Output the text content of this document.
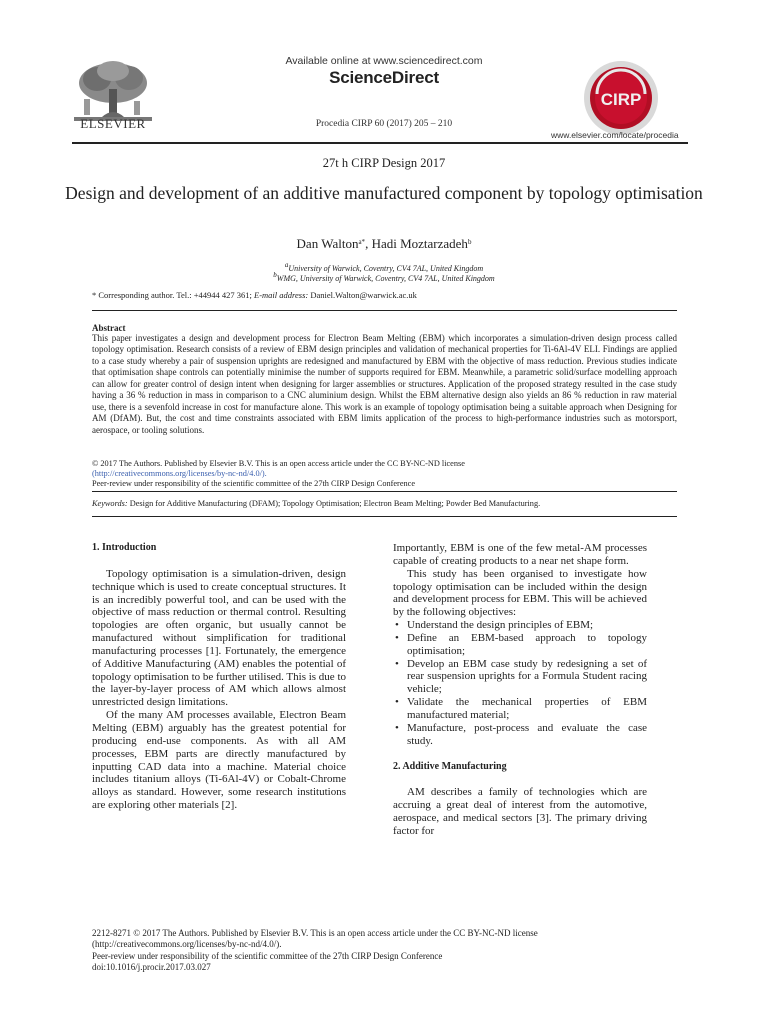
ELSEVIER
Available online at www.sciencedirect.com
ScienceDirect
Procedia CIRP 60 (2017) 205 – 210
CIRP
www.elsevier.com/locate/procedia
27t h CIRP Design 2017
Design and development of an additive manufactured component by topology optimisation
Dan Walton$^{a*}$, Hadi Moztarzadeh$^b$
$^a$University of Warwick, Coventry, CV4 7AL, United Kingdom
$^b$WMG, University of Warwick, Coventry, CV4 7AL, United Kingdom
* Corresponding author. Tel.: +44944 427 361; E-mail address: Daniel.Walton@warwick.ac.uk
Abstract
This paper investigates a design and development process for Electron Beam Melting (EBM) which incorporates a simulation-driven design process called topology optimisation. Research consists of a review of EBM design principles and validation of mechanical properties for Ti-6Al-4V ELI. Findings are applied to a case study whereby a pair of suspension uprights are redesigned and manufactured by EBM with the objective of mass reduction. Previous studies indicate that optimisation shape controls can potentially minimise the number of supports required for EBM. Meanwhile, a parametric solid/surface modelling approach can allow for greater control of design intent when designing for larger assemblies or structures. Application of the proposed strategy resulted in the case study having a 36 % reduction in mass in comparison to a CNC aluminium design. Whilst the EBM alternative design also yields an 86 % reduction in raw material use, there is a sevenfold increase in cost for manufacture alone. This work is an example of topology optimisation being a suitable approach when Designing for AM (DfAM). But, the cost and time constraints associated with EBM limits application of the process to high-performance industries such as motorsport, aerospace, or tooling solutions.
© 2017 The Authors. Published by Elsevier B.V. This is an open access article under the CC BY-NC-ND license
(http://creativecommons.org/licenses/by-nc-nd/4.0/).
Peer-review under responsibility of the scientific committee of the 27th CIRP Design Conference
Keywords: Design for Additive Manufacturing (DFAM); Topology Optimisation; Electron Beam Melting; Powder Bed Manufacturing.
1. Introduction

Topology optimisation is a simulation-driven, design technique which is used to create conceptual structures. It is an incredibly powerful tool, and can be used with the objective of mass reduction or thermal control. Resulting topologies are often organic, but usually cannot be manufactured without simplification for traditional manufacturing processes [1]. Fortunately, the emergence of Additive Manufacturing (AM) enables the potential of topology optimisation to be further utilised. This is due to the layer-by-layer process of AM which allows almost unrestricted design limitations.

Of the many AM processes available, Electron Beam Melting (EBM) arguably has the greatest potential for producing end-use components. As with all AM processes, EBM parts are directly manufactured by inputting CAD data into a machine. Material choice includes titanium alloys (Ti-6Al-4V) or Cobalt-Chrome alloys as standard. However, some research institutions are exploring other materials [2].

Importantly, EBM is one of the few metal-AM processes capable of creating products to a near net shape form.

This study has been organised to investigate how topology optimisation can be included within the design and development process for EBM. This will be achieved by the following objectives:

• Understand the design principles of EBM;
• Define an EBM-based approach to topology optimisation;
• Develop an EBM case study by redesigning a set of rear suspension uprights for a Formula Student racing vehicle;
• Validate the mechanical properties of EBM manufactured material;
• Manufacture, post-process and evaluate the case study.
2. Additive Manufacturing

AM describes a family of technologies which are accruing a great deal of interest from the automotive, aerospace, and medical sectors [3]. The primary driving factor for

2212-8271 © 2017 The Authors. Published by Elsevier B.V. This is an open access article under the CC BY-NC-ND license
(http://creativecommons.org/licenses/by-nc-nd/4.0/).
Peer-review under responsibility of the scientific committee of the 27th CIRP Design Conference
doi:10.1016/j.procir.2017.03.027
